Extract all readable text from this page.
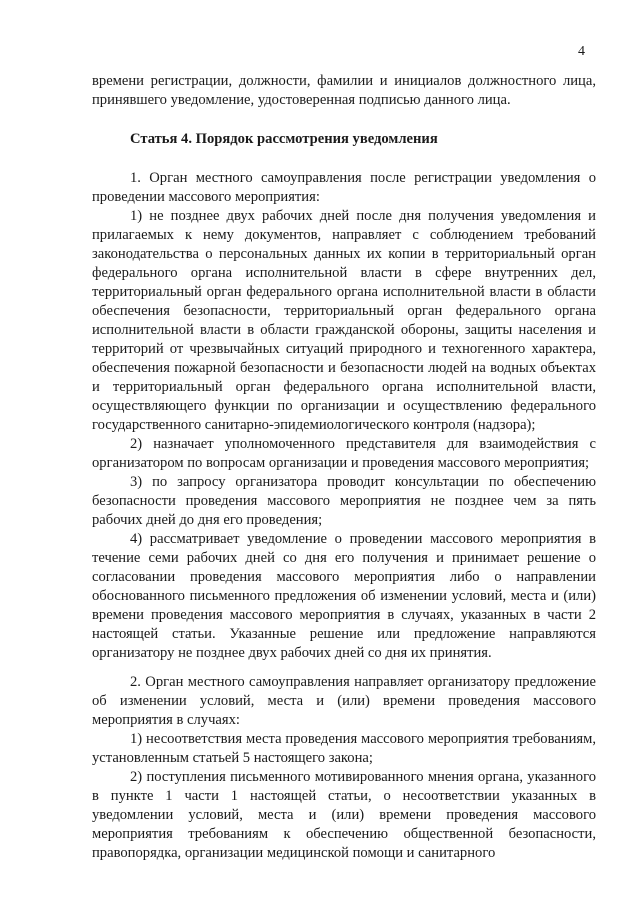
4

времени регистрации, должности, фамилии и инициалов должностного лица, принявшего уведомление, удостоверенная подписью данного лица.

Статья 4. Порядок рассмотрения уведомления

1. Орган местного самоуправления после регистрации уведомления о проведении массового мероприятия:

1) не позднее двух рабочих дней после дня получения уведомления и прилагаемых к нему документов, направляет с соблюдением требований законодательства о персональных данных их копии в территориальный орган федерального органа исполнительной власти в сфере внутренних дел, территориальный орган федерального органа исполнительной власти в области обеспечения безопасности, территориальный орган федерального органа исполнительной власти в области гражданской обороны, защиты населения и территорий от чрезвычайных ситуаций природного и техногенного характера, обеспечения пожарной безопасности и безопасности людей на водных объектах и территориальный орган федерального органа исполнительной власти, осуществляющего функции по организации и осуществлению федерального государственного санитарно-эпидемиологического контроля (надзора);

2) назначает уполномоченного представителя для взаимодействия с организатором по вопросам организации и проведения массового мероприятия;

3) по запросу организатора проводит консультации по обеспечению безопасности проведения массового мероприятия не позднее чем за пять рабочих дней до дня его проведения;

4) рассматривает уведомление о проведении массового мероприятия в течение семи рабочих дней со дня его получения и принимает решение о согласовании проведения массового мероприятия либо о направлении обоснованного письменного предложения об изменении условий, места и (или) времени проведения массового мероприятия в случаях, указанных в части 2 настоящей статьи. Указанные решение или предложение направляются организатору не позднее двух рабочих дней со дня их принятия.

2. Орган местного самоуправления направляет организатору предложение об изменении условий, места и (или) времени проведения массового мероприятия в случаях:

1) несоответствия места проведения массового мероприятия требованиям, установленным статьей 5 настоящего закона;

2) поступления письменного мотивированного мнения органа, указанного в пункте 1 части 1 настоящей статьи, о несоответствии указанных в уведомлении условий, места и (или) времени проведения массового мероприятия требованиям к обеспечению общественной безопасности, правопорядка, организации медицинской помощи и санитарного
